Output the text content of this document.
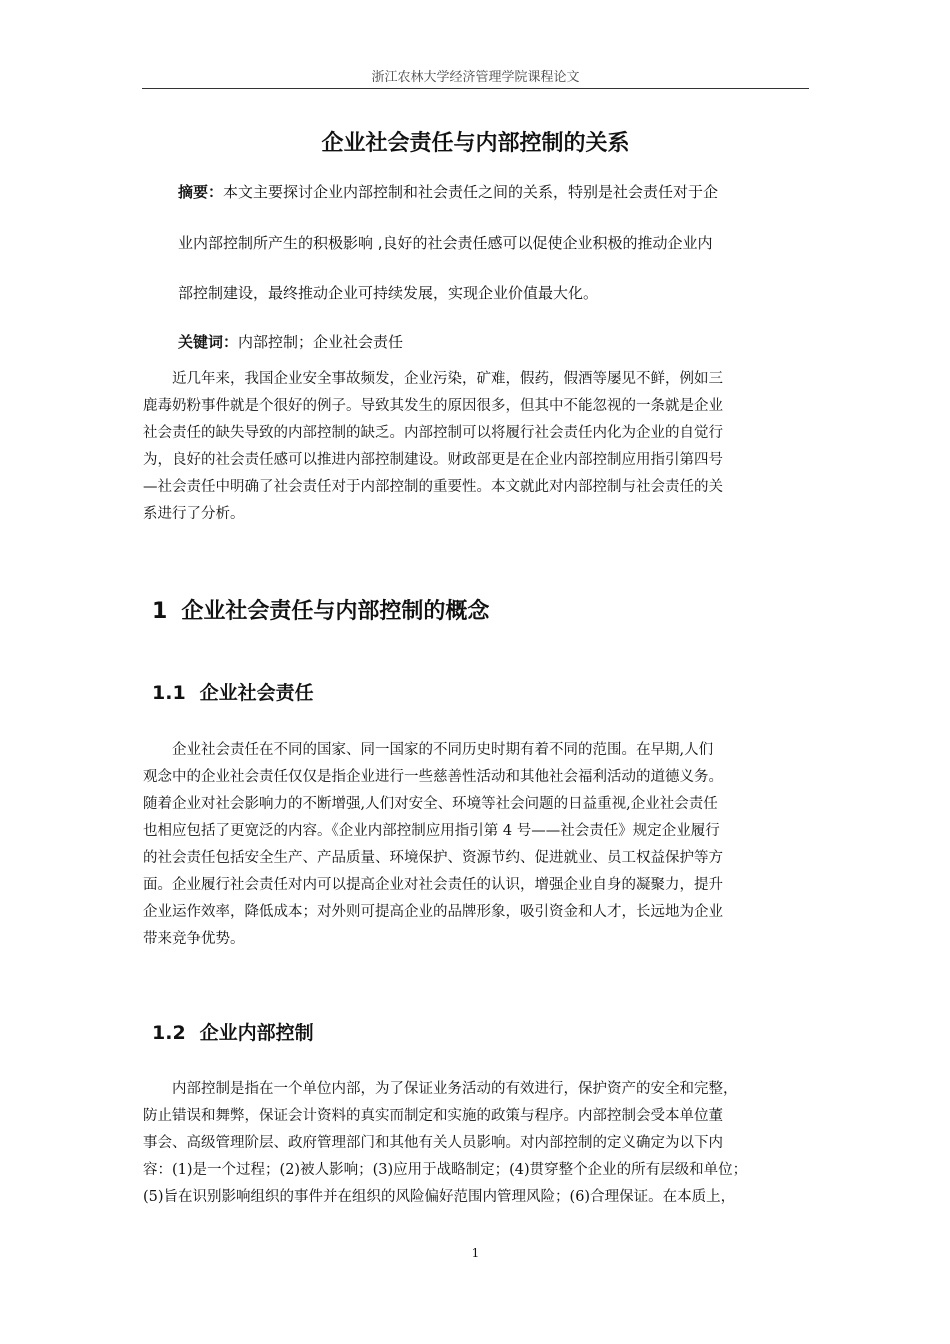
浙江农林大学经济管理学院课程论文
企业社会责任与内部控制的关系
摘要：本文主要探讨企业内部控制和社会责任之间的关系，特别是社会责任对于企
业内部控制所产生的积极影响 ,良好的社会责任感可以促使企业积极的推动企业内
部控制建设，最终推动企业可持续发展，实现企业价值最大化。
关键词：内部控制；企业社会责任

　　近几年来，我国企业安全事故频发，企业污染，矿难，假药，假酒等屡见不鲜，例如三

鹿毒奶粉事件就是个很好的例子。导致其发生的原因很多，但其中不能忽视的一条就是企业

社会责任的缺失导致的内部控制的缺乏。内部控制可以将履行社会责任内化为企业的自觉行

为，良好的社会责任感可以推进内部控制建设。财政部更是在企业内部控制应用指引第四号

—社会责任中明确了社会责任对于内部控制的重要性。本文就此对内部控制与社会责任的关

系进行了分析。

1 企业社会责任与内部控制的概念
1.1 企业社会责任

　　企业社会责任在不同的国家、同一国家的不同历史时期有着不同的范围。在早期,人们

观念中的企业社会责任仅仅是指企业进行一些慈善性活动和其他社会福利活动的道德义务。

随着企业对社会影响力的不断增强,人们对安全、环境等社会问题的日益重视,企业社会责任

也相应包括了更宽泛的内容。《企业内部控制应用指引第 4 号——社会责任》规定企业履行

的社会责任包括安全生产、产品质量、环境保护、资源节约、促进就业、员工权益保护等方

面。企业履行社会责任对内可以提高企业对社会责任的认识，增强企业自身的凝聚力，提升

企业运作效率，降低成本；对外则可提高企业的品牌形象，吸引资金和人才，长远地为企业

带来竞争优势。

1.2 企业内部控制

　　内部控制是指在一个单位内部，为了保证业务活动的有效进行，保护资产的安全和完整，

防止错误和舞弊，保证会计资料的真实而制定和实施的政策与程序。内部控制会受本单位董

事会、高级管理阶层、政府管理部门和其他有关人员影响。对内部控制的定义确定为以下内

容：(1)是一个过程；(2)被人影响；(3)应用于战略制定；(4)贯穿整个企业的所有层级和单位；

(5)旨在识别影响组织的事件并在组织的风险偏好范围内管理风险；(6)合理保证。在本质上，

1
